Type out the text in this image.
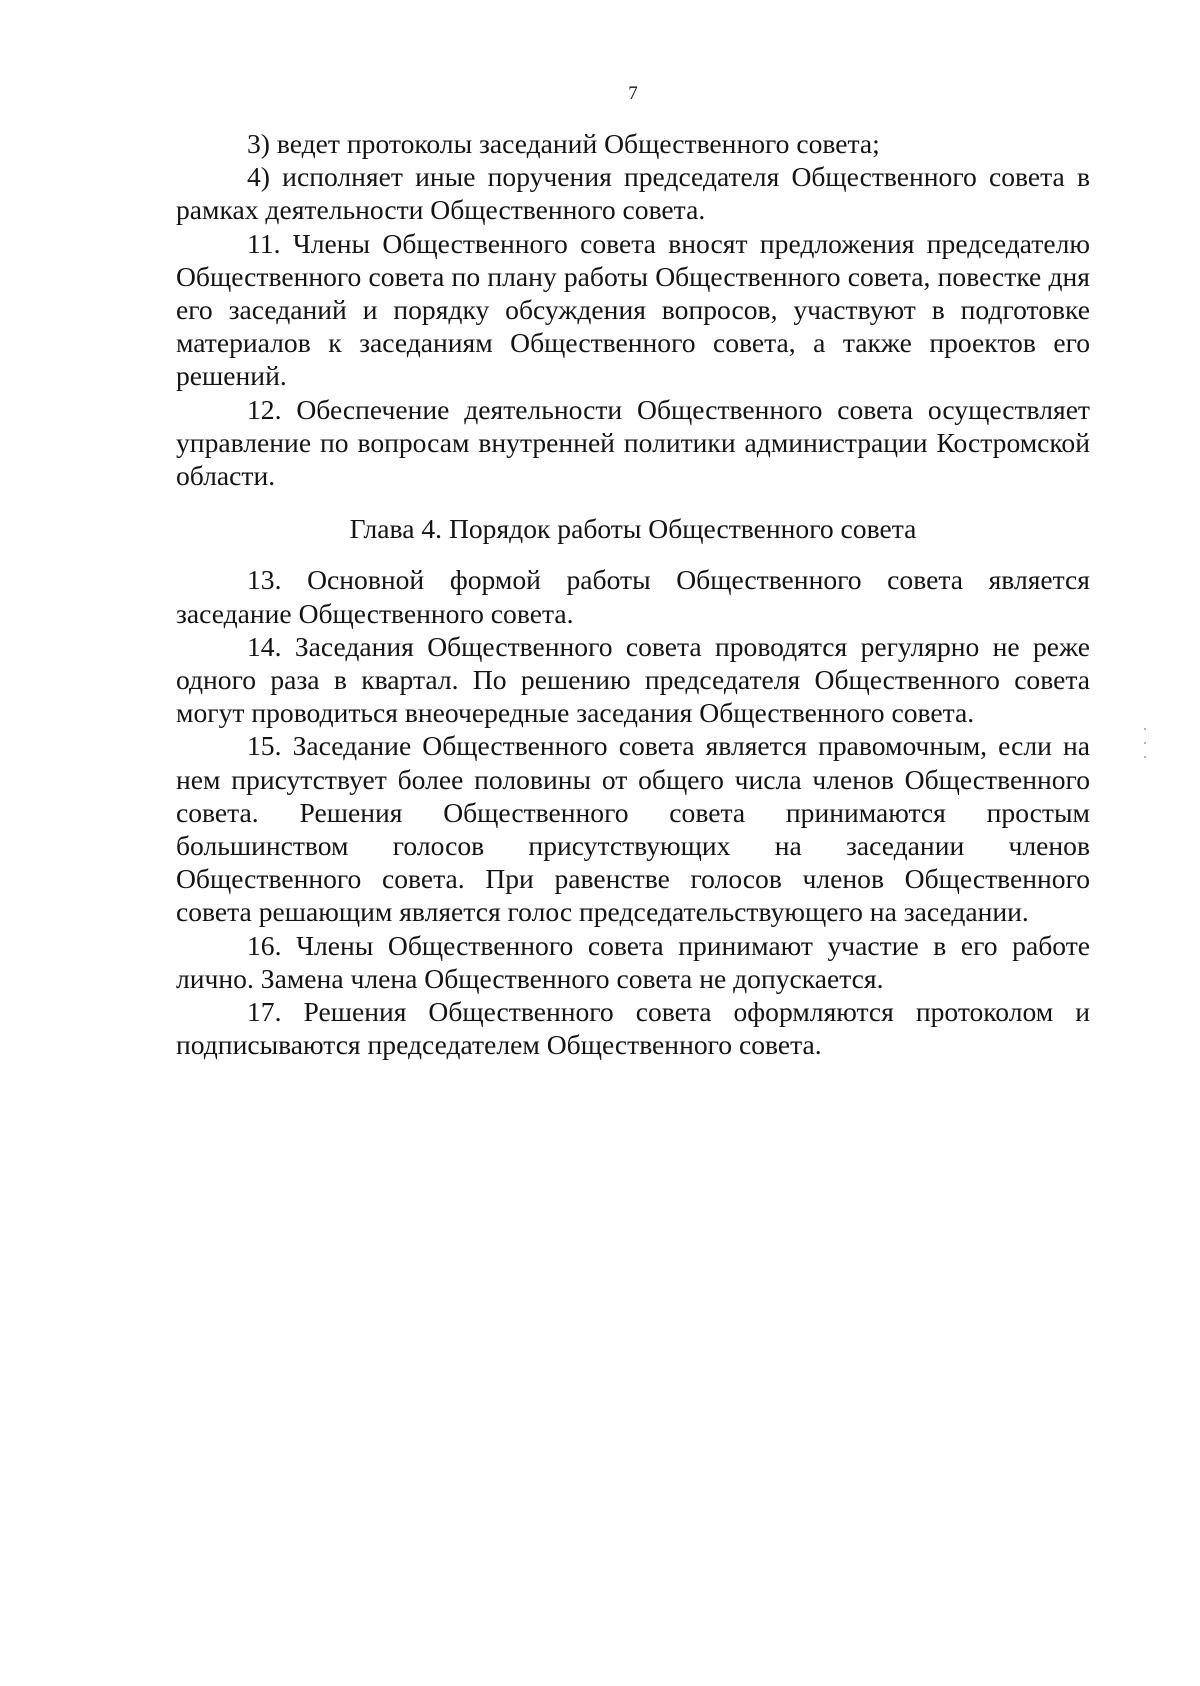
7

3) ведет протоколы заседаний Общественного совета;

4) исполняет иные поручения председателя Общественного совета в рамках деятельности Общественного совета.

11. Члены Общественного совета вносят предложения председателю Общественного совета по плану работы Общественного совета, повестке дня его заседаний и порядку обсуждения вопросов, участвуют в подготовке материалов к заседаниям Общественного совета, а также проектов его решений.

12. Обеспечение деятельности Общественного совета осуществляет управление по вопросам внутренней политики администрации Костромской области.

Глава 4. Порядок работы Общественного совета

13. Основной формой работы Общественного совета является заседание Общественного совета.

14. Заседания Общественного совета проводятся регулярно не реже одного раза в квартал. По решению председателя Общественного совета могут проводиться внеочередные заседания Общественного совета.

15. Заседание Общественного совета является правомочным, если на нем присутствует более половины от общего числа членов Общественного совета. Решения Общественного совета принимаются простым большинством голосов присутствующих на заседании членов Общественного совета. При равенстве голосов членов Общественного совета решающим является голос председательствующего на заседании.

16. Члены Общественного совета принимают участие в его работе лично. Замена члена Общественного совета не допускается.

17. Решения Общественного совета оформляются протоколом и подписываются председателем Общественного совета.
